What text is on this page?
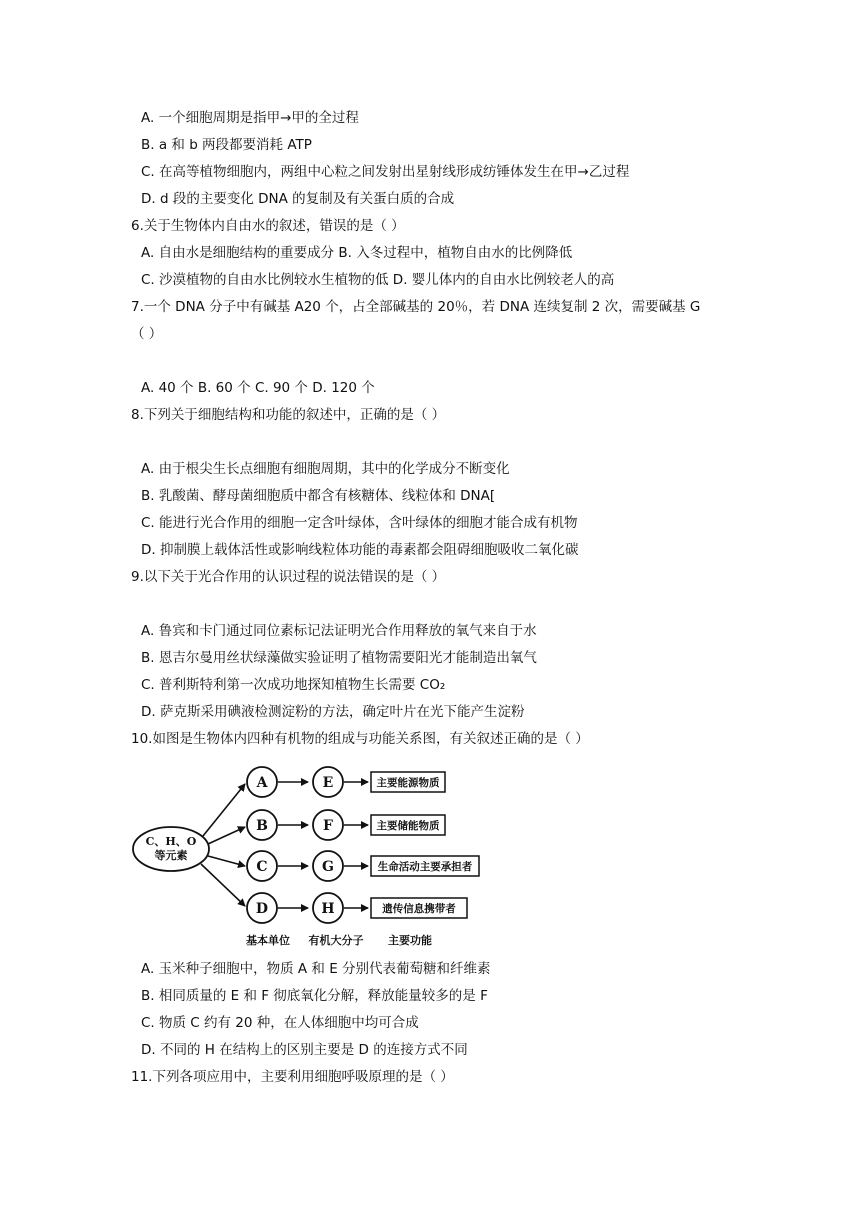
A. 一个细胞周期是指甲→甲的全过程
B. a 和 b 两段都要消耗 ATP
C. 在高等植物细胞内，两组中心粒之间发射出星射线形成纺锤体发生在甲→乙过程
D. d 段的主要变化 DNA 的复制及有关蛋白质的合成
6.关于生物体内自由水的叙述，错误的是（ ）
A. 自由水是细胞结构的重要成分 B. 入冬过程中，植物自由水的比例降低
C. 沙漠植物的自由水比例较水生植物的低 D. 婴儿体内的自由水比例较老人的高
7.一个 DNA 分子中有碱基 A20 个，占全部碱基的 20％，若 DNA 连续复制 2 次，需要碱基 G
（ ）
A. 40 个 B. 60 个 C. 90 个 D. 120 个
8.下列关于细胞结构和功能的叙述中，正确的是（ ）
A. 由于根尖生长点细胞有细胞周期，其中的化学成分不断变化
B. 乳酸菌、酵母菌细胞质中都含有核糖体、线粒体和 DNA[
C. 能进行光合作用的细胞一定含叶绿体，含叶绿体的细胞才能合成有机物
D. 抑制膜上载体活性或影响线粒体功能的毒素都会阻碍细胞吸收二氧化碳
9.以下关于光合作用的认识过程的说法错误的是（ ）
A. 鲁宾和卡门通过同位素标记法证明光合作用释放的氧气来自于水
B. 恩吉尔曼用丝状绿藻做实验证明了植物需要阳光才能制造出氧气
C. 普利斯特利第一次成功地探知植物生长需要 CO₂
D. 萨克斯采用碘液检测淀粉的方法，确定叶片在光下能产生淀粉
10.如图是生物体内四种有机物的组成与功能关系图，有关叙述正确的是（ ）
C、H、O
等元素
A	E	主要能源物质
B	F	主要储能物质
C	G	生命活动主要承担者
D	H	遗传信息携带者
基本单位 有机大分子 主要功能
A. 玉米种子细胞中，物质 A 和 E 分别代表葡萄糖和纤维素
B. 相同质量的 E 和 F 彻底氧化分解，释放能量较多的是 F
C. 物质 C 约有 20 种，在人体细胞中均可合成
D. 不同的 H 在结构上的区别主要是 D 的连接方式不同
11.下列各项应用中，主要利用细胞呼吸原理的是（ ）
